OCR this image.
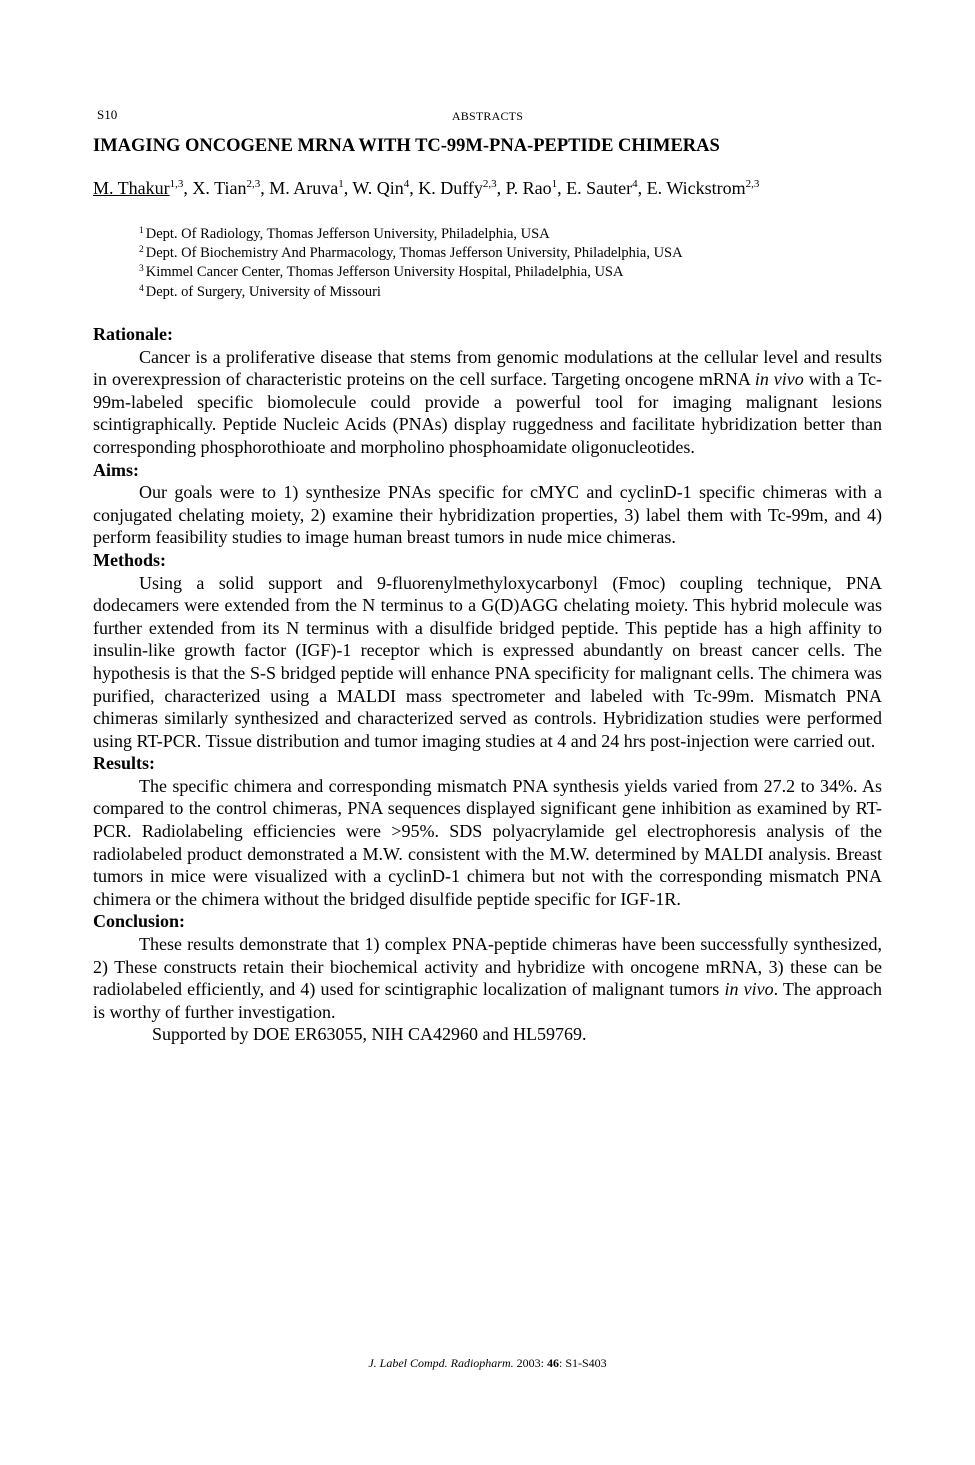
S10	ABSTRACTS
IMAGING ONCOGENE MRNA WITH TC-99M-PNA-PEPTIDE CHIMERAS
M. Thakur$^{1,3}$, X. Tian$^{2,3}$, M. Aruva$^1$, W. Qin$^4$, K. Duffy$^{2,3}$, P. Rao$^1$, E. Sauter$^4$, E. Wickstrom$^{2,3}$
$^1$ Dept. Of Radiology, Thomas Jefferson University, Philadelphia, USA
$^2$ Dept. Of Biochemistry And Pharmacology, Thomas Jefferson University, Philadelphia, USA
$^3$ Kimmel Cancer Center, Thomas Jefferson University Hospital, Philadelphia, USA
$^4$ Dept. of Surgery, University of Missouri
Rationale:

Cancer is a proliferative disease that stems from genomic modulations at the cellular level and results in overexpression of characteristic proteins on the cell surface. Targeting oncogene mRNA in vivo with a Tc-99m-labeled specific biomolecule could provide a powerful tool for imaging malignant lesions scintigraphically. Peptide Nucleic Acids (PNAs) display ruggedness and facilitate hybridization better than corresponding phosphorothioate and morpholino phosphoamidate oligonucleotides.

Aims:

Our goals were to 1) synthesize PNAs specific for cMYC and cyclinD-1 specific chimeras with a conjugated chelating moiety, 2) examine their hybridization properties, 3) label them with Tc-99m, and 4) perform feasibility studies to image human breast tumors in nude mice chimeras.

Methods:

Using a solid support and 9-fluorenylmethyloxycarbonyl (Fmoc) coupling technique, PNA dodecamers were extended from the N terminus to a G(D)AGG chelating moiety. This hybrid molecule was further extended from its N terminus with a disulfide bridged peptide. This peptide has a high affinity to insulin-like growth factor (IGF)-1 receptor which is expressed abundantly on breast cancer cells. The hypothesis is that the S-S bridged peptide will enhance PNA specificity for malignant cells. The chimera was purified, characterized using a MALDI mass spectrometer and labeled with Tc-99m. Mismatch PNA chimeras similarly synthesized and characterized served as controls. Hybridization studies were performed using RT-PCR. Tissue distribution and tumor imaging studies at 4 and 24 hrs post-injection were carried out.

Results:

The specific chimera and corresponding mismatch PNA synthesis yields varied from 27.2 to 34%. As compared to the control chimeras, PNA sequences displayed significant gene inhibition as examined by RT-PCR. Radiolabeling efficiencies were >95%. SDS polyacrylamide gel electrophoresis analysis of the radiolabeled product demonstrated a M.W. consistent with the M.W. determined by MALDI analysis. Breast tumors in mice were visualized with a cyclinD-1 chimera but not with the corresponding mismatch PNA chimera or the chimera without the bridged disulfide peptide specific for IGF-1R.

Conclusion:

These results demonstrate that 1) complex PNA-peptide chimeras have been successfully synthesized, 2) These constructs retain their biochemical activity and hybridize with oncogene mRNA, 3) these can be radiolabeled efficiently, and 4) used for scintigraphic localization of malignant tumors in vivo. The approach is worthy of further investigation.

Supported by DOE ER63055, NIH CA42960 and HL59769.

J. Label Compd. Radiopharm. 2003: 46: S1-S403
